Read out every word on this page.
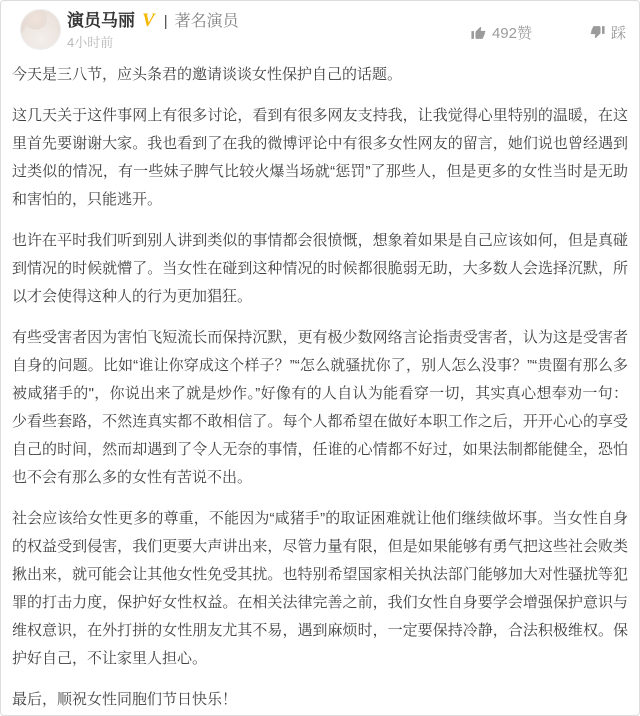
演员马丽 V | 著名演员
4小时前
492赞	踩

今天是三八节，应头条君的邀请谈谈女性保护自己的话题。

这几天关于这件事网上有很多讨论，看到有很多网友支持我，让我觉得心里特别的温暖，在这里首先要谢谢大家。我也看到了在我的微博评论中有很多女性网友的留言，她们说也曾经遇到过类似的情况，有一些妹子脾气比较火爆当场就“惩罚”了那些人，但是更多的女性当时是无助和害怕的，只能逃开。

也许在平时我们听到别人讲到类似的事情都会很愤慨，想象着如果是自己应该如何，但是真碰到情况的时候就懵了。当女性在碰到这种情况的时候都很脆弱无助，大多数人会选择沉默，所以才会使得这种人的行为更加猖狂。

有些受害者因为害怕飞短流长而保持沉默，更有极少数网络言论指责受害者，认为这是受害者自身的问题。比如“谁让你穿成这个样子？”“怎么就骚扰你了，别人怎么没事？”“贵圈有那么多被咸猪手的"，你说出来了就是炒作。”好像有的人自认为能看穿一切，其实真心想奉劝一句：少看些套路，不然连真实都不敢相信了。每个人都希望在做好本职工作之后，开开心心的享受自己的时间，然而却遇到了令人无奈的事情，任谁的心情都不好过，如果法制都能健全，恐怕也不会有那么多的女性有苦说不出。

社会应该给女性更多的尊重，不能因为“咸猪手”的取证困难就让他们继续做坏事。当女性自身的权益受到侵害，我们更要大声讲出来，尽管力量有限，但是如果能够有勇气把这些社会败类揪出来，就可能会让其他女性免受其扰。也特别希望国家相关执法部门能够加大对性骚扰等犯罪的打击力度，保护好女性权益。在相关法律完善之前，我们女性自身要学会增强保护意识与维权意识，在外打拼的女性朋友尤其不易，遇到麻烦时，一定要保持冷静，合法积极维权。保护好自己，不让家里人担心。

最后，顺祝女性同胞们节日快乐！
